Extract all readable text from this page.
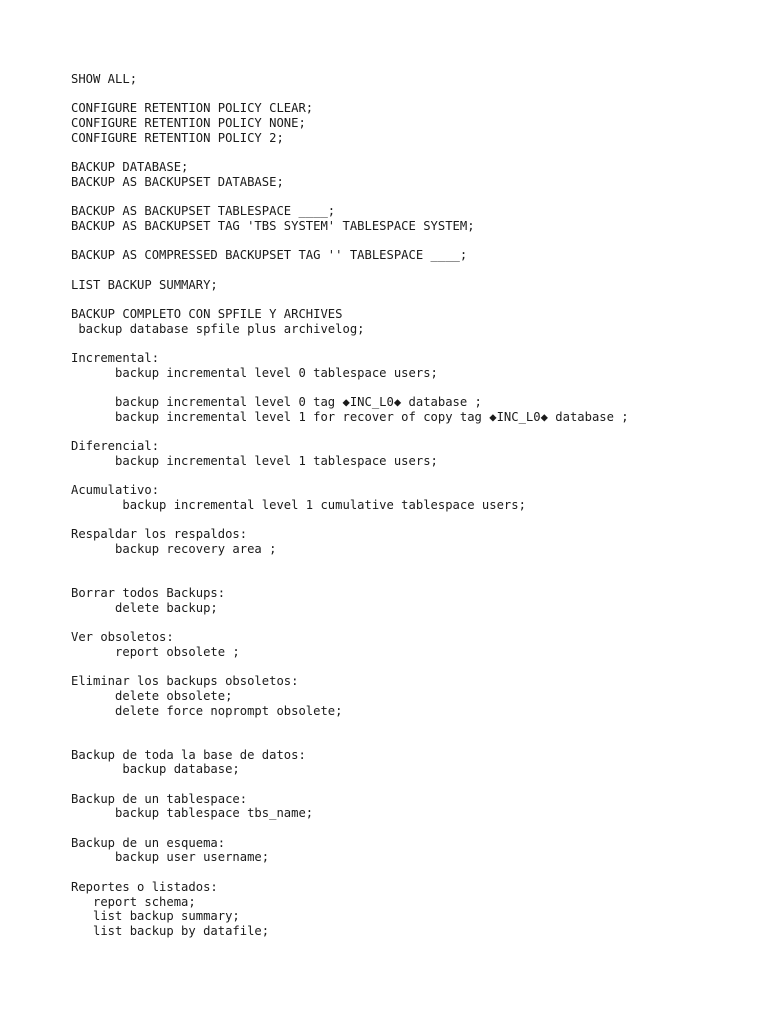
SHOW ALL;
CONFIGURE RETENTION POLICY CLEAR;
CONFIGURE RETENTION POLICY NONE;
CONFIGURE RETENTION POLICY 2;
BACKUP DATABASE;
BACKUP AS BACKUPSET DATABASE;
BACKUP AS BACKUPSET TABLESPACE ____;
BACKUP AS BACKUPSET TAG 'TBS SYSTEM' TABLESPACE SYSTEM;
BACKUP AS COMPRESSED BACKUPSET TAG '' TABLESPACE ____;
LIST BACKUP SUMMARY;
BACKUP COMPLETO CON SPFILE Y ARCHIVES
backup database spfile plus archivelog;
Incremental:
backup incremental level 0 tablespace users;
backup incremental level 0 tag ◆INC_L0◆ database ;
backup incremental level 1 for recover of copy tag ◆INC_L0◆ database ;
Diferencial:
backup incremental level 1 tablespace users;
Acumulativo:
backup incremental level 1 cumulative tablespace users;
Respaldar los respaldos:
backup recovery area ;
Borrar todos Backups:
delete backup;
Ver obsoletos:
report obsolete ;
Eliminar los backups obsoletos:
delete obsolete;
delete force noprompt obsolete;
Backup de toda la base de datos:
backup database;
Backup de un tablespace:
backup tablespace tbs_name;
Backup de un esquema:
backup user username;
Reportes o listados:
report schema;
list backup summary;
list backup by datafile;
